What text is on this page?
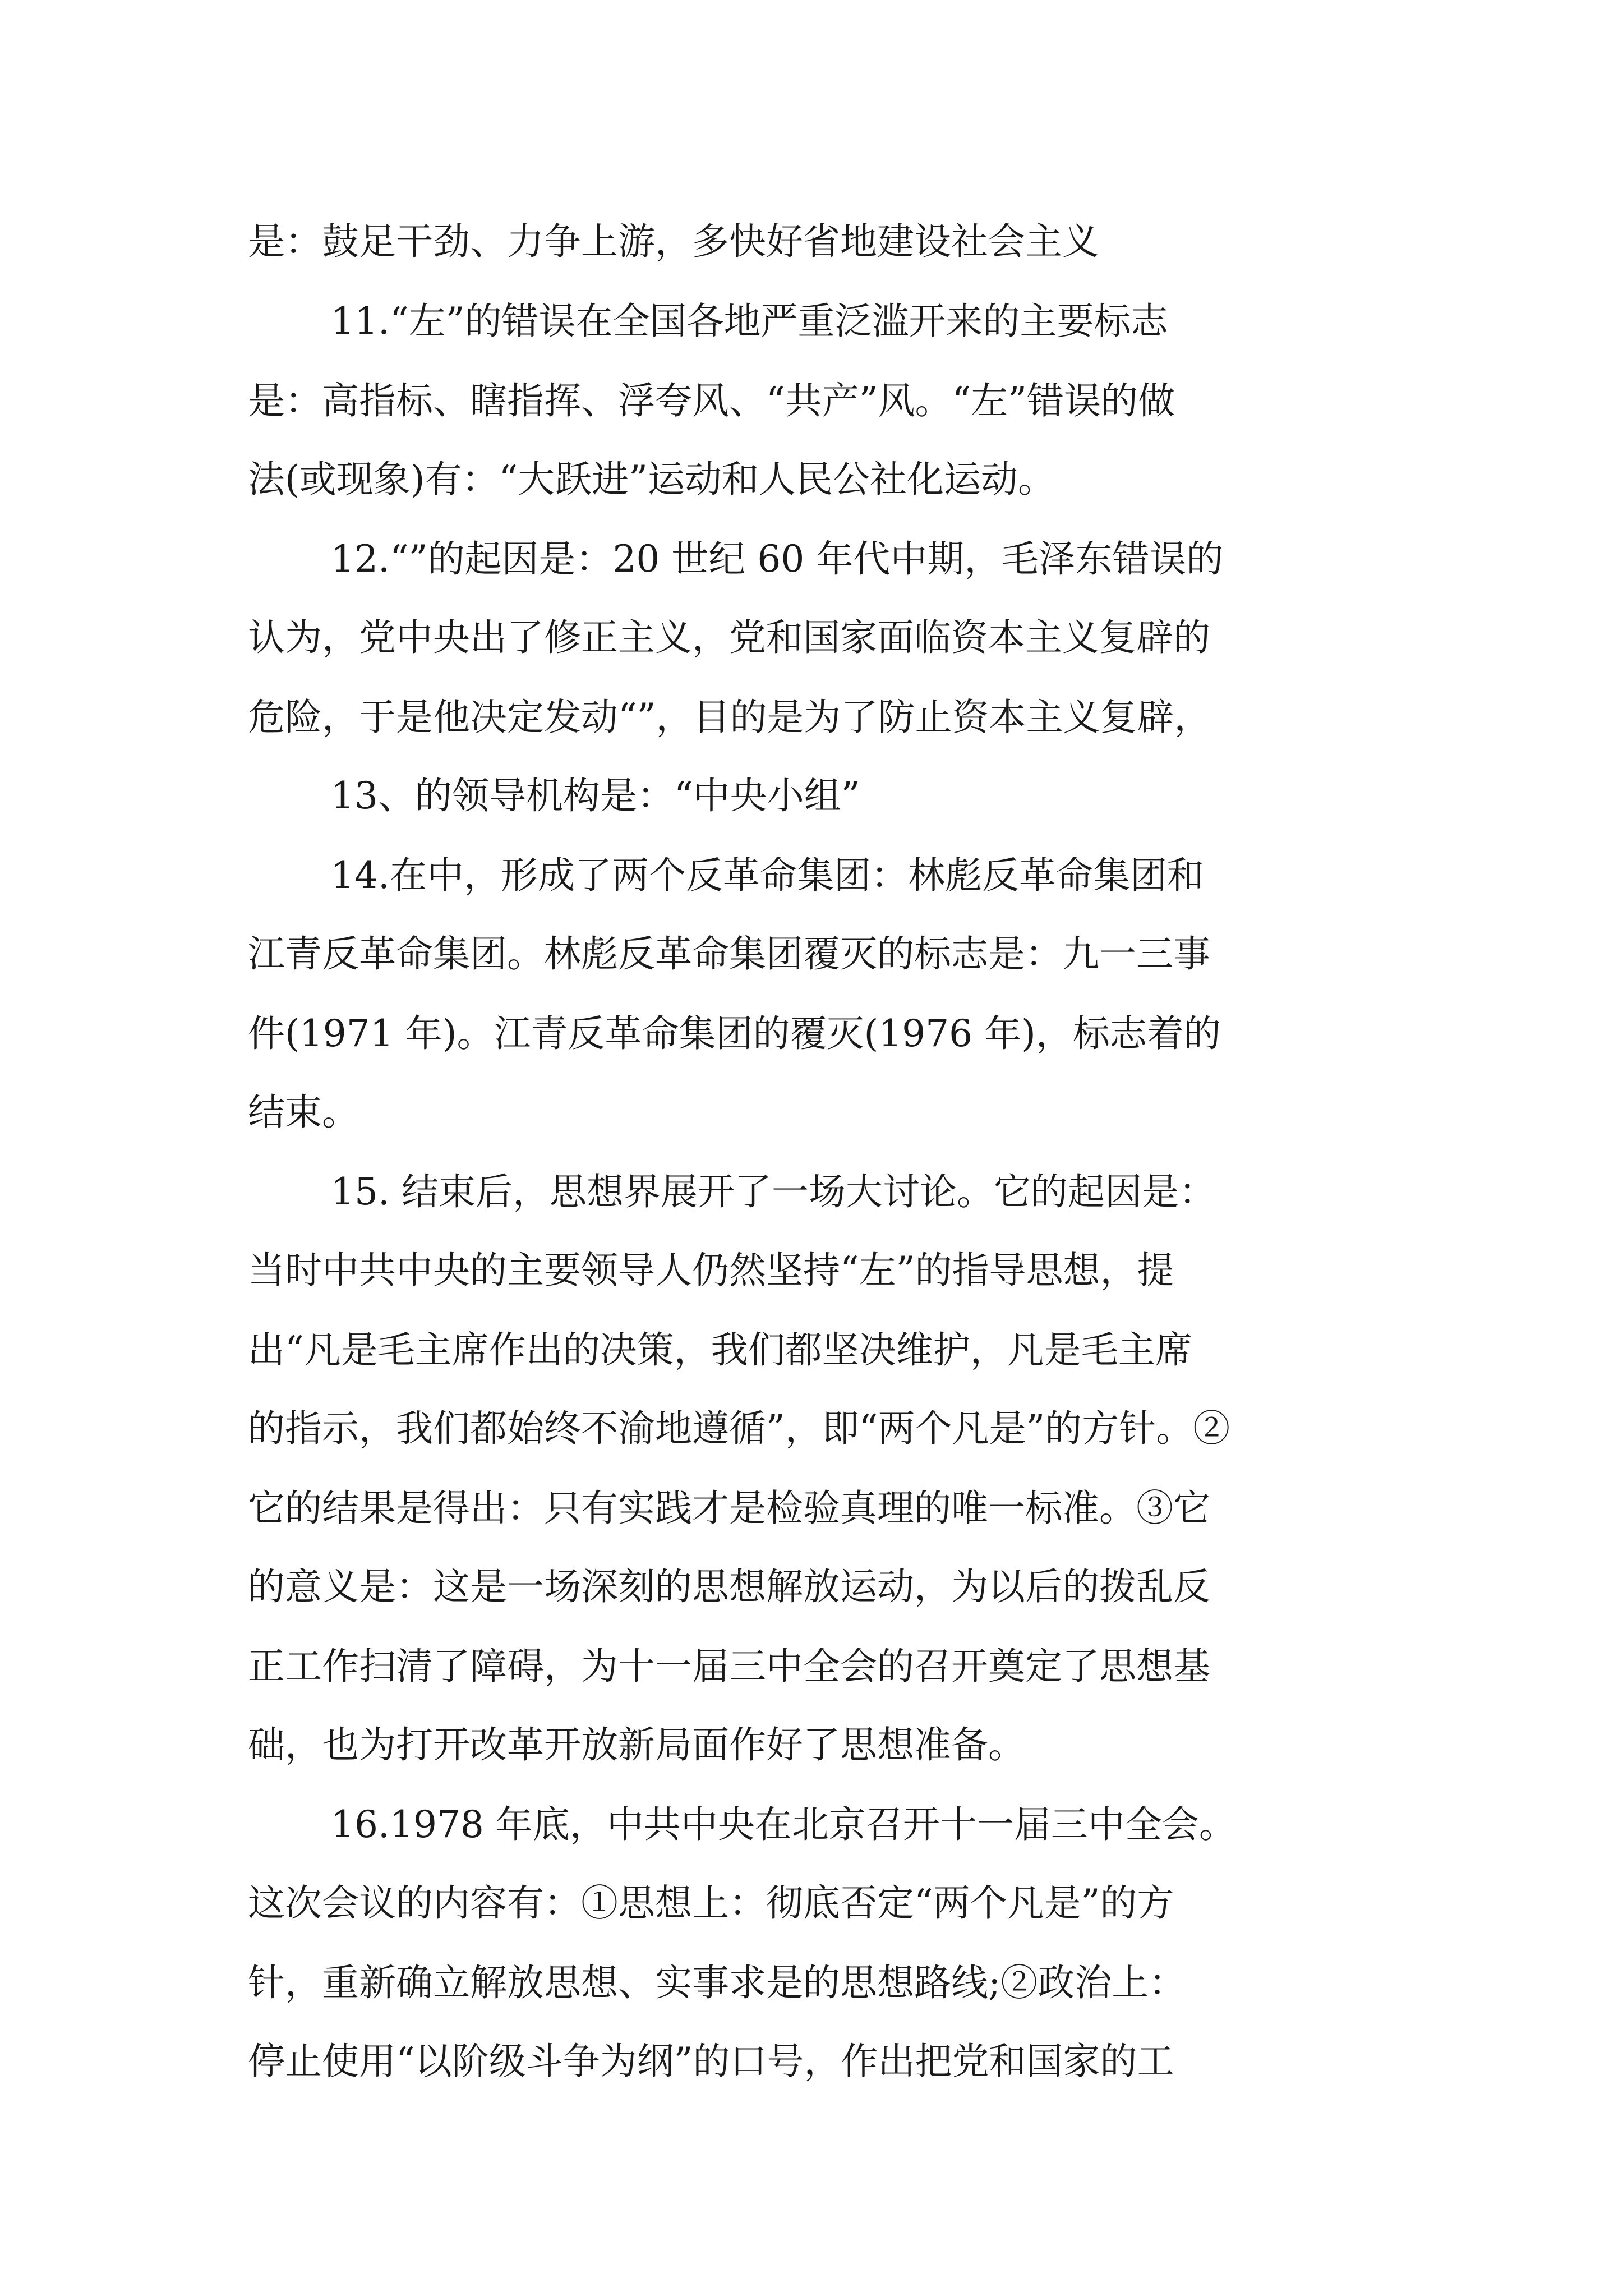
是：鼓足干劲、力争上游，多快好省地建设社会主义
11.“左”的错误在全国各地严重泛滥开来的主要标志
是：高指标、瞎指挥、浮夸风、“共产”风。“左”错误的做
法(或现象)有：“大跃进”运动和人民公社化运动。
12.“”的起因是：20 世纪 60 年代中期，毛泽东错误的
认为，党中央出了修正主义，党和国家面临资本主义复辟的
危险，于是他决定发动“”，目的是为了防止资本主义复辟，
13、的领导机构是：“中央小组”
14.在中，形成了两个反革命集团：林彪反革命集团和
江青反革命集团。林彪反革命集团覆灭的标志是：九一三事
件(1971 年)。江青反革命集团的覆灭(1976 年)，标志着的
结束。
15. 结束后，思想界展开了一场大讨论。它的起因是：
当时中共中央的主要领导人仍然坚持“左”的指导思想，提
出“凡是毛主席作出的决策，我们都坚决维护，凡是毛主席
的指示，我们都始终不渝地遵循”，即“两个凡是”的方针。②
它的结果是得出：只有实践才是检验真理的唯一标准。③它
的意义是：这是一场深刻的思想解放运动，为以后的拨乱反
正工作扫清了障碍，为十一届三中全会的召开奠定了思想基
础，也为打开改革开放新局面作好了思想准备。
16.1978 年底，中共中央在北京召开十一届三中全会。
这次会议的内容有：①思想上：彻底否定“两个凡是”的方
针，重新确立解放思想、实事求是的思想路线;②政治上：
停止使用“以阶级斗争为纲”的口号，作出把党和国家的工
